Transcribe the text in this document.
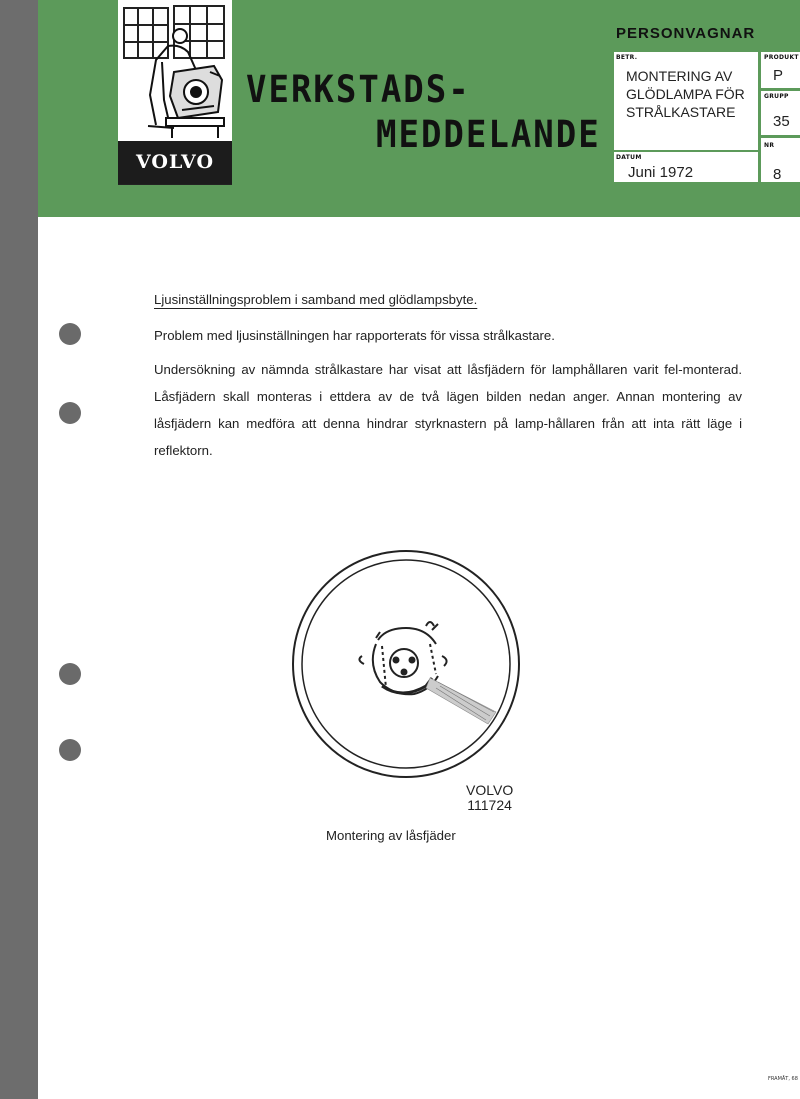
VOLVO
VERKSTADS-
MEDDELANDE
PERSONVAGNAR
BETR.
MONTERING AV
GLÖDLAMPA FÖR
STRÅLKASTARE
DATUM
Juni 1972
PRODUKT
P
GRUPP
35
NR
8
Ljusinställningsproblem i samband med glödlampsbyte.
Problem med ljusinställningen har rapporterats för vissa strålkastare.
Undersökning av nämnda strålkastare har visat att låsfjädern för lamphållaren varit fel-monterad. Låsfjädern skall monteras i ettdera av de två lägen bilden nedan anger. Annan montering av låsfjädern kan medföra att denna hindrar styrknastern på lamp-hållaren från att inta rätt läge i reflektorn.
VOLVO
111724
Montering av låsfjäder
FRAMÅT, 68
